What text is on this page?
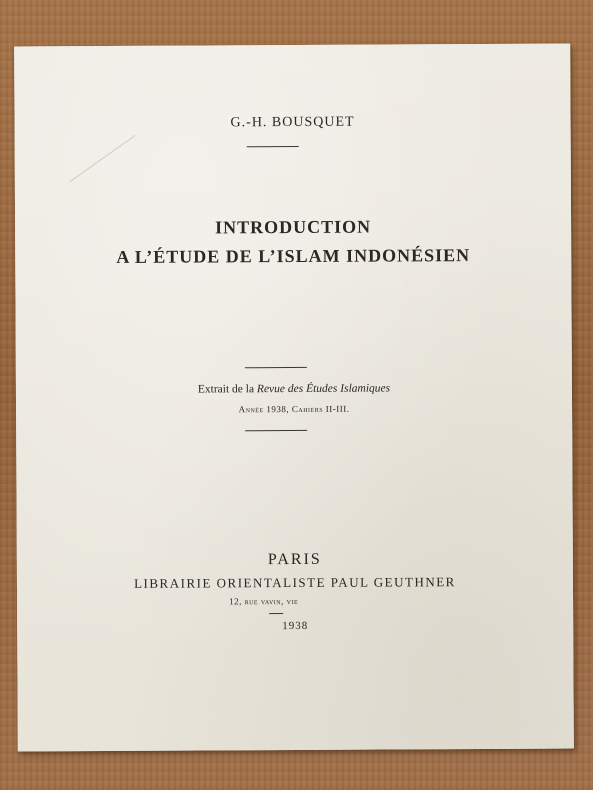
G.-H. BOUSQUET
INTRODUCTION
A L’ÉTUDE DE L’ISLAM INDONÉSIEN
Extrait de la Revue des Études Islamiques
Année 1938, Cahiers II-III.
PARIS
LIBRAIRIE ORIENTALISTE PAUL GEUTHNER
12, rue vavin, vie
1938
